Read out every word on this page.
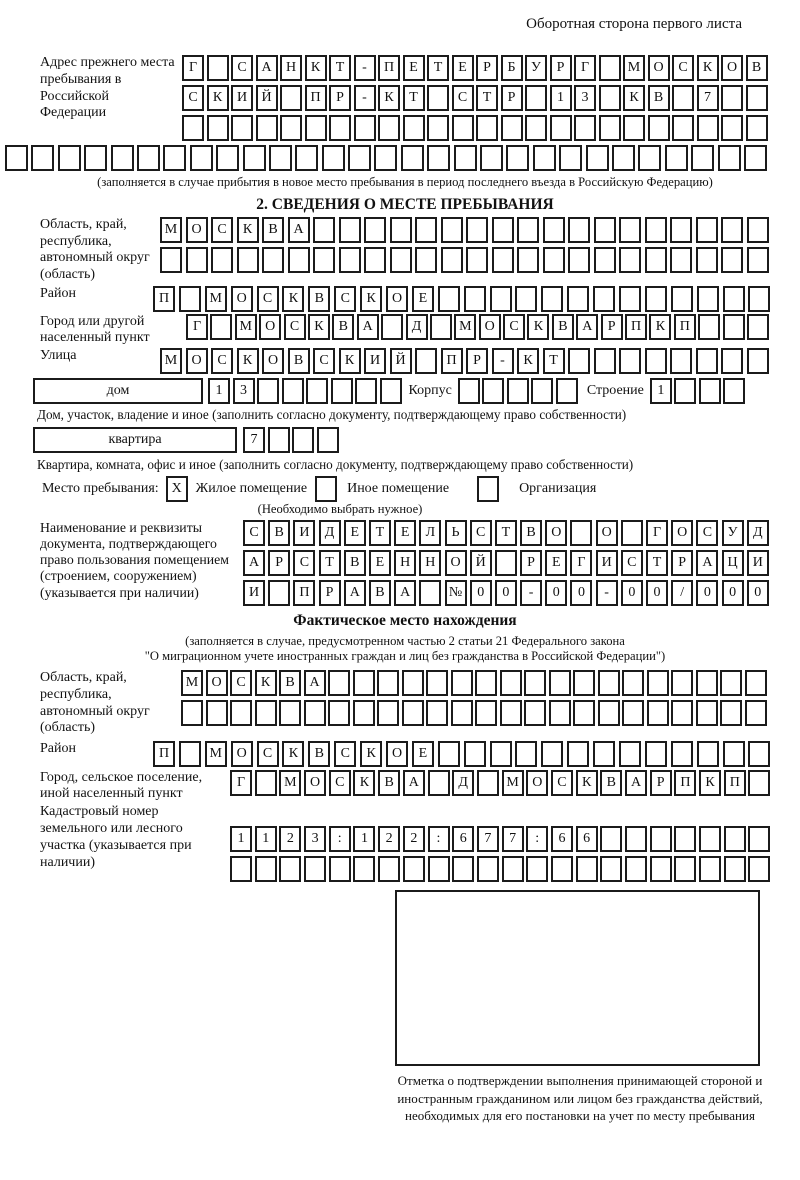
Оборотная сторона первого листа
Адрес прежнего места пребывания в Российской Федерации
Г	С	А	Н	К	Т	-	П	Е	Т	Е	Р	Б	У	Р	Г	М О	С	К	О	В
С	К	И	Й	П	Р	-	К	Т	С	Т	Р	1	3	К	В	7
(заполняется в случае прибытия в новое место пребывания в период последнего въезда в Российскую Федерацию)
2. СВЕДЕНИЯ О МЕСТЕ ПРЕБЫВАНИЯ
Область, край, республика, автономный округ (область)
М	О	С	К	В	А
Район	П	М	О	С	К	В	С	К	О	Е
Город или другой населенный пункт
Г	М О	С	К	В	А	Д	М О	С	К	В	А	Р	П	К	П
Улица	М	О	С	К	О	В	С	К	И	Й	П	Р	-	К	Т
дом	1	3	Корпус	Строение 1
Дом, участок, владение и иное (заполнить согласно документу, подтверждающему право собственности)
квартира	7
Квартира, комната, офис и иное (заполнить согласно документу, подтверждающему право собственности)
Место пребывания: X Жилое помещение	Иное помещение	Организация
(Необходимо выбрать нужное)
Наименование и реквизиты документа, подтверждающего право пользования помещением (строением, сооружением) (указывается при наличии)
С	В	И	Д	Е	Т	Е	Л	Ь	С	Т	В	О	О	Г	О	С	У	Д
А	Р	С	Т	В	Е	Н	Н	О	Й	Р	Е	Г	И	С	Т	Р	А	Ц	И
И	П	Р	А	В	А	№	0	0	-	0	0	-	0	0	/	0	0	0
Фактическое место нахождения
(заполняется в случае, предусмотренном частью 2 статьи 21 Федерального закона
"О миграционном учете иностранных граждан и лиц без гражданства в Российской Федерации")
Область, край, республика, автономный округ (область)
М О	С	К	В	А
Район	П	М	О	С	К	В	С	К	О	Е
Город, сельское поселение, иной населенный пункт
Г	М О	С	К	В	А	Д	М О	С	К	В	А	Р	П	К	П
Кадастровый номер земельного или лесного участка (указывается при наличии)
1	1	2	3	:	1	2	2	:	6	7	7	:	6	6
Отметка о подтверждении выполнения принимающей стороной и иностранным гражданином или лицом без гражданства действий, необходимых для его постановки на учет по месту пребывания
